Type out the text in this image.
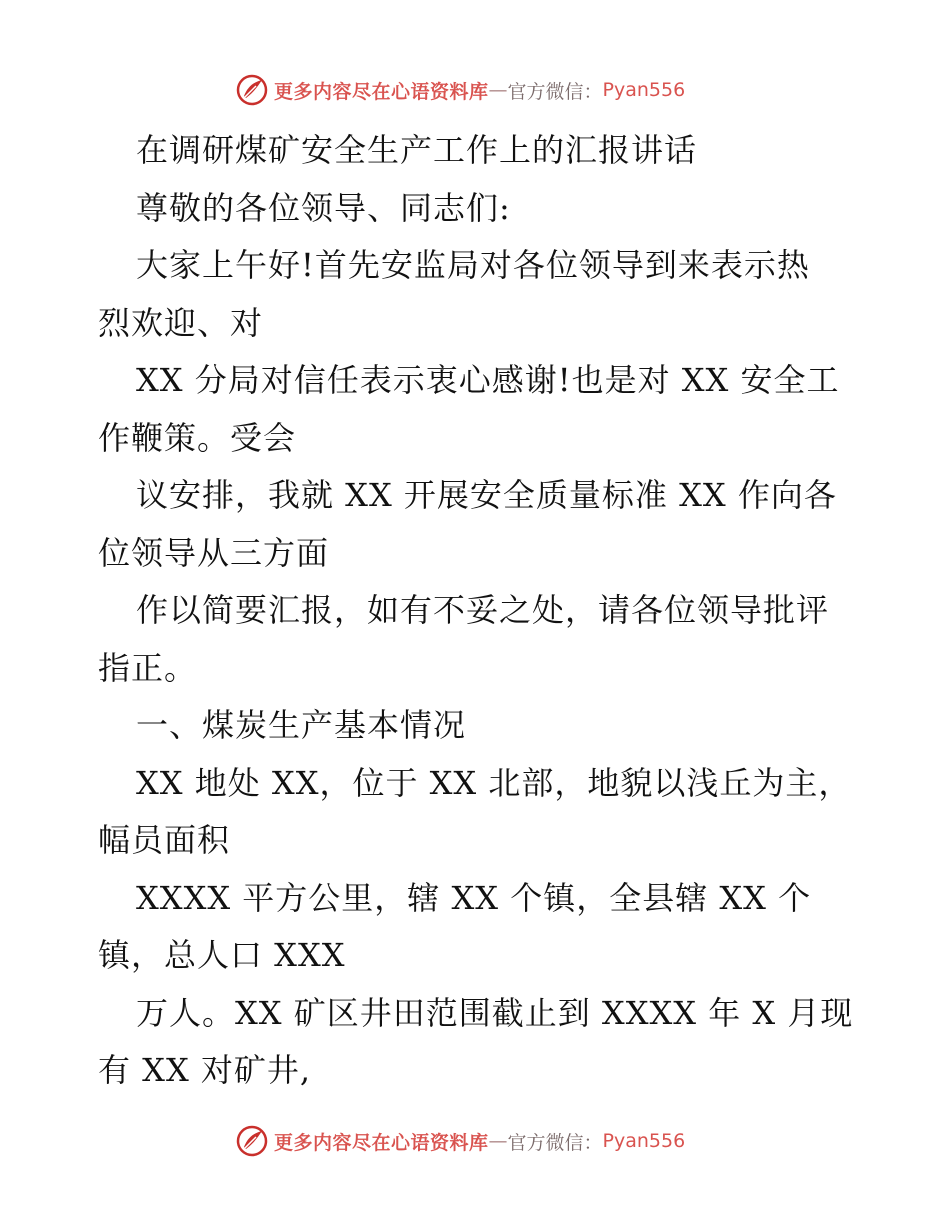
更多内容尽在心语资料库 — 官方微信： Pyan556
在调研煤矿安全生产工作上的汇报讲话
尊敬的各位领导、同志们:
大家上午好!首先安监局对各位领导到来表示热
烈欢迎、对
XX 分局对信任表示衷心感谢!也是对 XX 安全工
作鞭策。受会
议安排，我就 XX 开展安全质量标准 XX 作向各
位领导从三方面
作以简要汇报，如有不妥之处，请各位领导批评
指正。
一、煤炭生产基本情况
XX 地处 XX，位于 XX 北部，地貌以浅丘为主，
幅员面积
XXXX 平方公里，辖 XX 个镇，全县辖 XX 个
镇，总人口 XXX
万人。XX 矿区井田范围截止到 XXXX 年 X 月现
有 XX 对矿井,
更多内容尽在心语资料库 — 官方微信： Pyan556
